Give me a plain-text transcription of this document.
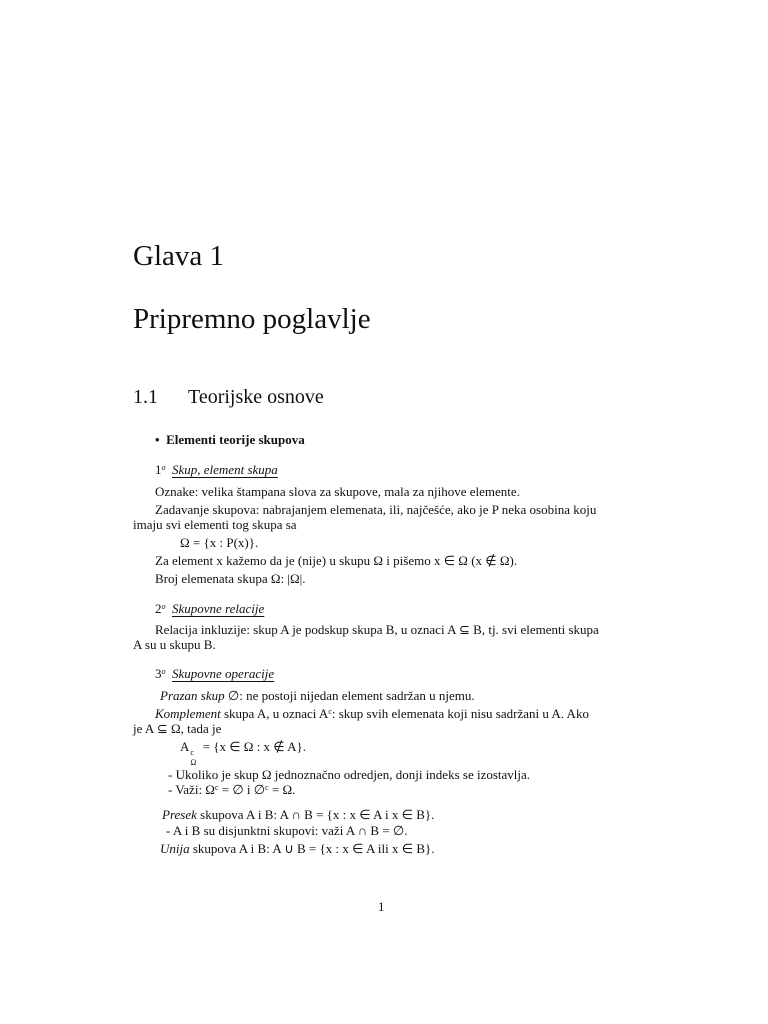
Glava 1
Pripremno poglavlje
1.1 Teorijske osnove
• Elementi teorije skupova
1$^o$ Skup, element skupa
Oznake: velika štampana slova za skupove, mala za njihove elemente.
Zadavanje skupova: nabrajanjem elemenata, ili, najčešće, ako je P neka osobina koju
imaju svi elementi tog skupa sa
Ω = {x : P(x)}.
Za element x kažemo da je (nije) u skupu Ω i pišemo x ∈ Ω (x ∉ Ω).
Broj elemenata skupa Ω: |Ω|.
2$^o$ Skupovne relacije
Relacija inkluzije: skup A je podskup skupa B, u oznaci A ⊆ B, tj. svi elementi skupa
A su u skupu B.
3$^o$ Skupovne operacije
Prazan skup ∅: ne postoji nijedan element sadržan u njemu.
Komplement skupa A, u oznaci $A^c$: skup svih elemenata koji nisu sadržani u A. Ako
je A ⊆ Ω, tada je
A c
Ω
= {x ∈ Ω : x ∉ A}.
- Ukoliko je skup Ω jednoznačno odredjen, donji indeks se izostavlja.
- Važi: $\Omega^c$ = ∅ i ∅$^c$ = Ω.
Presek skupova A i B: A ∩ B = {x : x ∈ A i x ∈ B}.
- A i B su disjunktni skupovi: važi A ∩ B = ∅.
Unija skupova A i B: A ∪ B = {x : x ∈ A ili x ∈ B}.
1
